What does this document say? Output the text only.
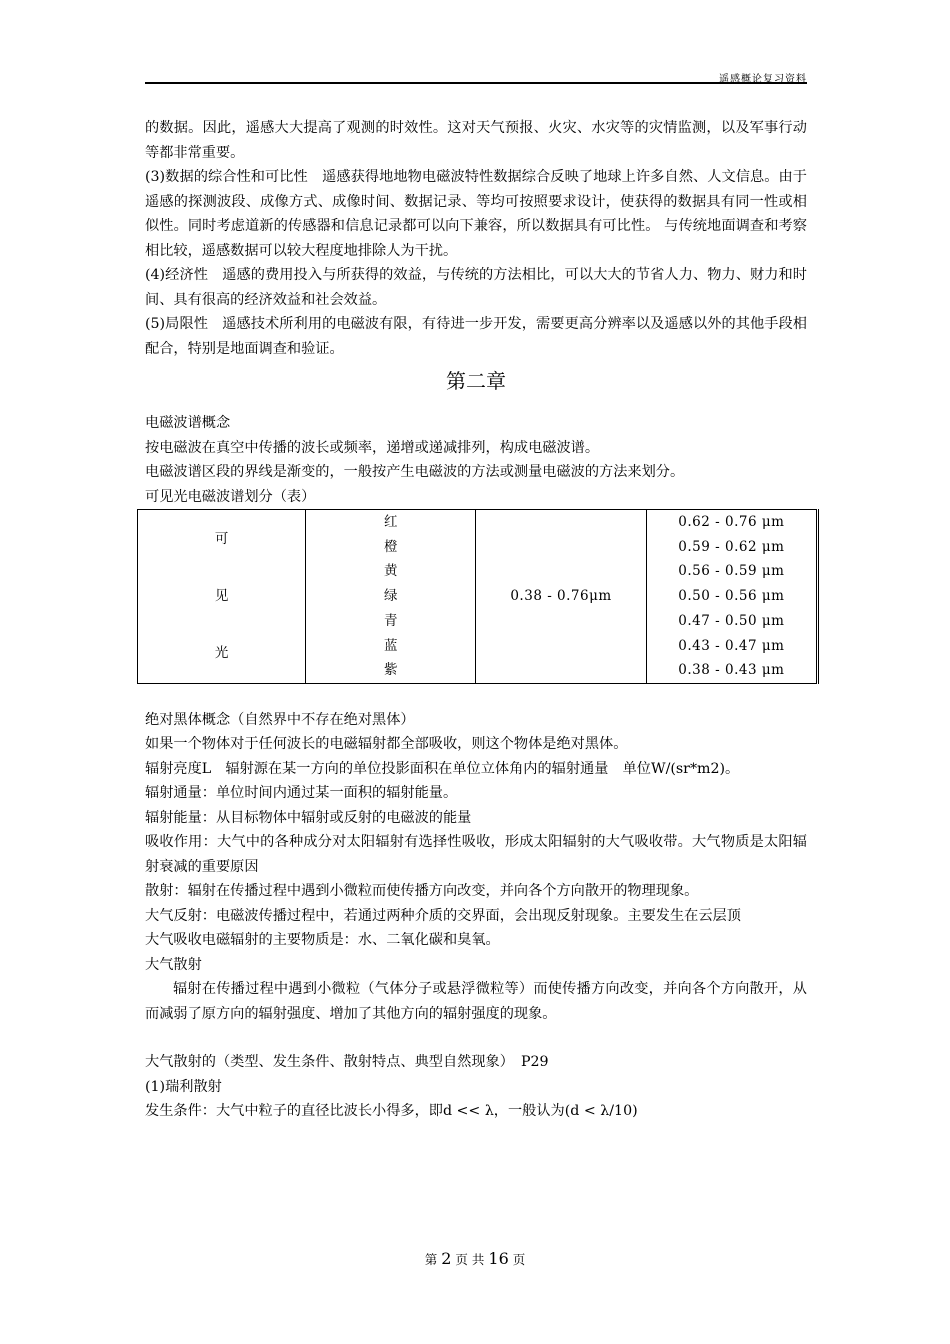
遥感概论复习资料

的数据。因此，遥感大大提高了观测的时效性。这对天气预报、火灾、水灾等的灾情监测，以及军事行动等都非常重要。

(3)数据的综合性和可比性　遥感获得地地物电磁波特性数据综合反映了地球上许多自然、人文信息。由于遥感的探测波段、成像方式、成像时间、数据记录、等均可按照要求设计，使获得的数据具有同一性或相似性。同时考虑道新的传感器和信息记录都可以向下兼容，所以数据具有可比性。 与传统地面调查和考察相比较，遥感数据可以较大程度地排除人为干扰。

(4)经济性　遥感的费用投入与所获得的效益，与传统的方法相比，可以大大的节省人力、物力、财力和时间、具有很高的经济效益和社会效益。

(5)局限性　遥感技术所利用的电磁波有限，有待进一步开发，需要更高分辨率以及遥感以外的其他手段相配合，特别是地面调查和验证。

第二章

电磁波谱概念

按电磁波在真空中传播的波长或频率，递增或递减排列，构成电磁波谱。

电磁波谱区段的界线是渐变的，一般按产生电磁波的方法或测量电磁波的方法来划分。

可见光电磁波谱划分（表）

可
见
光	红	0.38 - 0.76μm	0.62 - 0.76 μm
	橙		0.59 - 0.62 μm
	黄		0.56 - 0.59 μm
	绿		0.50 - 0.56 μm
	青		0.47 - 0.50 μm
	蓝		0.43 - 0.47 μm
	紫		0.38 - 0.43 μm

绝对黑体概念（自然界中不存在绝对黑体）

如果一个物体对于任何波长的电磁辐射都全部吸收，则这个物体是绝对黑体。

辐射亮度L　辐射源在某一方向的单位投影面积在单位立体角内的辐射通量　单位W/(sr*m2)。

辐射通量：单位时间内通过某一面积的辐射能量。

辐射能量：从目标物体中辐射或反射的电磁波的能量

吸收作用：大气中的各种成分对太阳辐射有选择性吸收，形成太阳辐射的大气吸收带。大气物质是太阳辐射衰减的重要原因

散射：辐射在传播过程中遇到小微粒而使传播方向改变，并向各个方向散开的物理现象。

大气反射：电磁波传播过程中，若通过两种介质的交界面，会出现反射现象。主要发生在云层顶

大气吸收电磁辐射的主要物质是：水、二氧化碳和臭氧。

大气散射

辐射在传播过程中遇到小微粒（气体分子或悬浮微粒等）而使传播方向改变，并向各个方向散开，从而减弱了原方向的辐射强度、增加了其他方向的辐射强度的现象。

大气散射的（类型、发生条件、散射特点、典型自然现象）　P29

(1)瑞利散射

发生条件：大气中粒子的直径比波长小得多，即d << λ，一般认为(d < λ/10)

第 2 页 共 16 页
